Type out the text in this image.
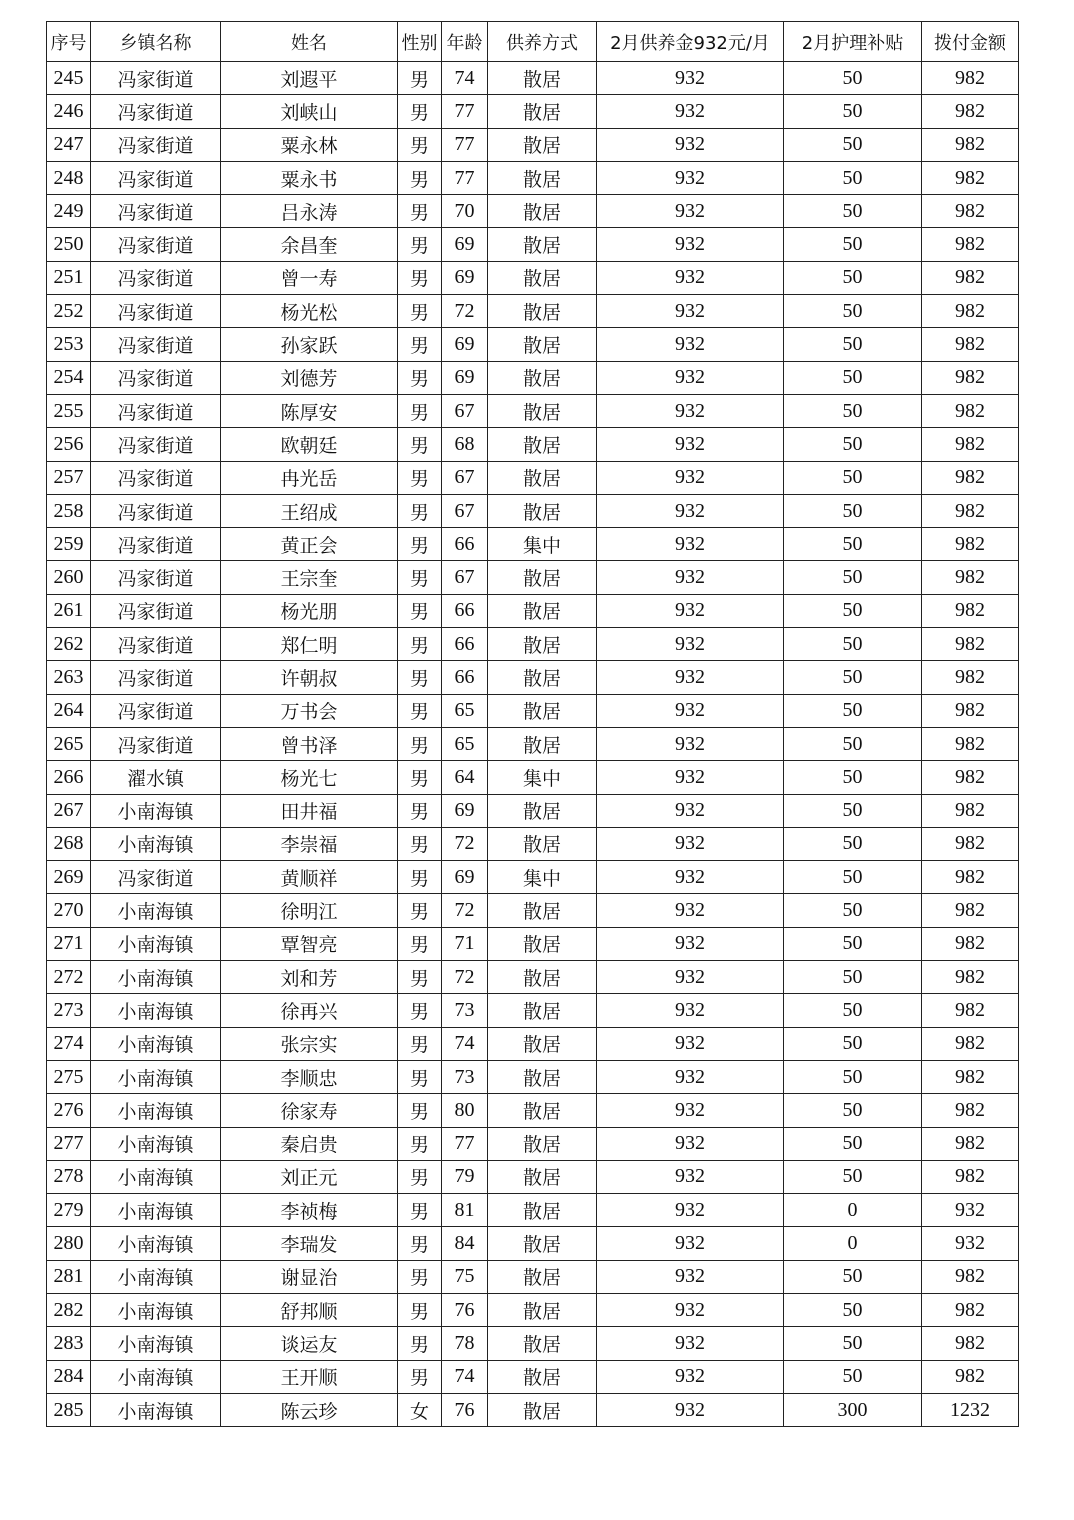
序号	乡镇名称	姓名	性别	年龄	供养方式	2月供养金932元/月	2月护理补贴	拨付金额
245	冯家街道	刘遐平	男	74	散居	932	50	982
246	冯家街道	刘峡山	男	77	散居	932	50	982
247	冯家街道	粟永林	男	77	散居	932	50	982
248	冯家街道	粟永书	男	77	散居	932	50	982
249	冯家街道	吕永涛	男	70	散居	932	50	982
250	冯家街道	余昌奎	男	69	散居	932	50	982
251	冯家街道	曾一寿	男	69	散居	932	50	982
252	冯家街道	杨光松	男	72	散居	932	50	982
253	冯家街道	孙家跃	男	69	散居	932	50	982
254	冯家街道	刘德芳	男	69	散居	932	50	982
255	冯家街道	陈厚安	男	67	散居	932	50	982
256	冯家街道	欧朝廷	男	68	散居	932	50	982
257	冯家街道	冉光岳	男	67	散居	932	50	982
258	冯家街道	王绍成	男	67	散居	932	50	982
259	冯家街道	黄正会	男	66	集中	932	50	982
260	冯家街道	王宗奎	男	67	散居	932	50	982
261	冯家街道	杨光朋	男	66	散居	932	50	982
262	冯家街道	郑仁明	男	66	散居	932	50	982
263	冯家街道	许朝叔	男	66	散居	932	50	982
264	冯家街道	万书会	男	65	散居	932	50	982
265	冯家街道	曾书泽	男	65	散居	932	50	982
266	濯水镇	杨光七	男	64	集中	932	50	982
267	小南海镇	田井福	男	69	散居	932	50	982
268	小南海镇	李崇福	男	72	散居	932	50	982
269	冯家街道	黄顺祥	男	69	集中	932	50	982
270	小南海镇	徐明江	男	72	散居	932	50	982
271	小南海镇	覃智亮	男	71	散居	932	50	982
272	小南海镇	刘和芳	男	72	散居	932	50	982
273	小南海镇	徐再兴	男	73	散居	932	50	982
274	小南海镇	张宗实	男	74	散居	932	50	982
275	小南海镇	李顺忠	男	73	散居	932	50	982
276	小南海镇	徐家寿	男	80	散居	932	50	982
277	小南海镇	秦启贵	男	77	散居	932	50	982
278	小南海镇	刘正元	男	79	散居	932	50	982
279	小南海镇	李祯梅	男	81	散居	932	0	932
280	小南海镇	李瑞发	男	84	散居	932	0	932
281	小南海镇	谢显治	男	75	散居	932	50	982
282	小南海镇	舒邦顺	男	76	散居	932	50	982
283	小南海镇	谈运友	男	78	散居	932	50	982
284	小南海镇	王开顺	男	74	散居	932	50	982
285	小南海镇	陈云珍	女	76	散居	932	300	1232
